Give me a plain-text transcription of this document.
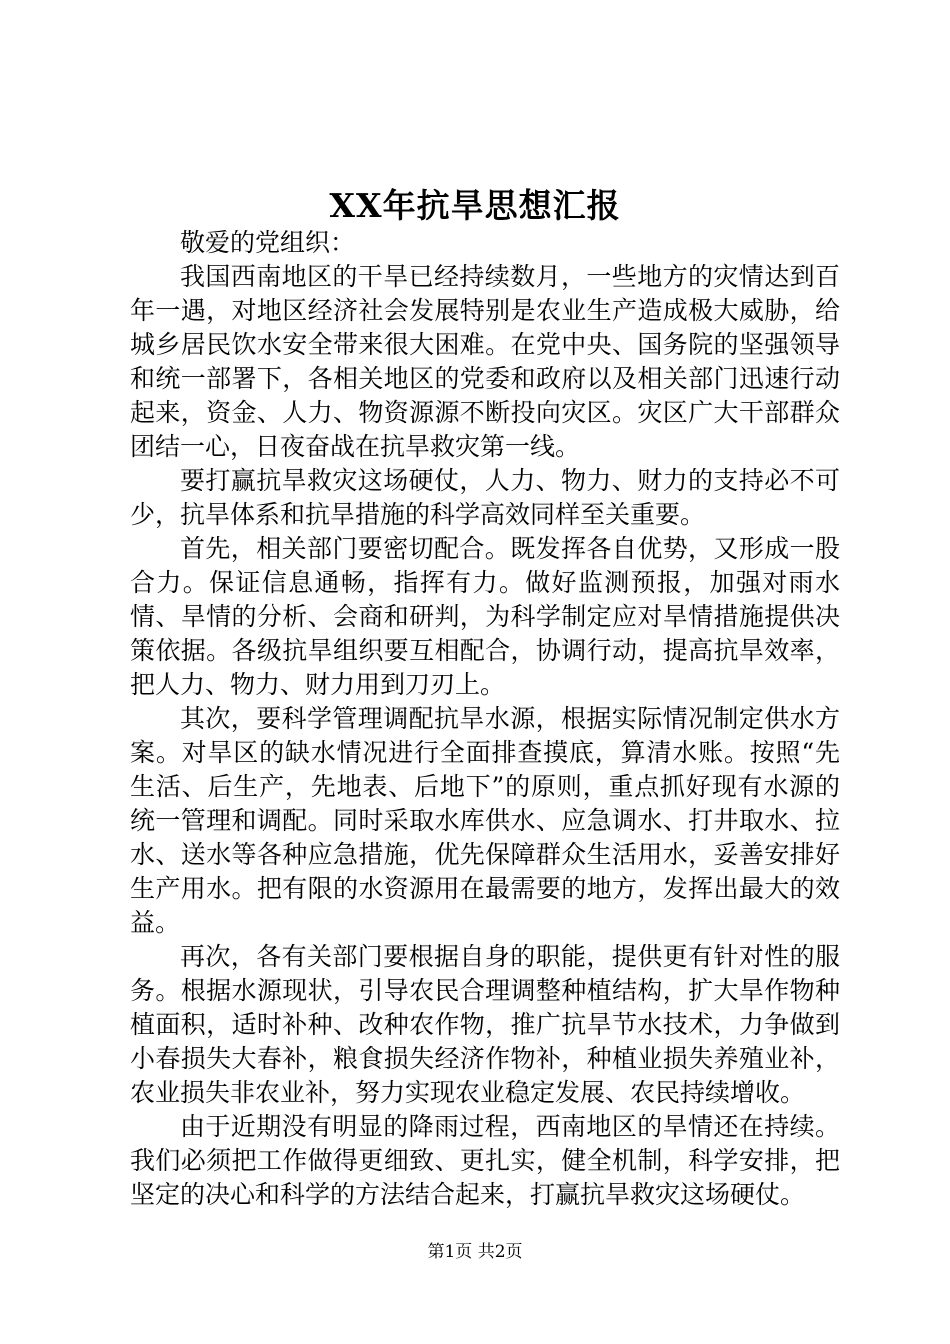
XX年抗旱思想汇报

敬爱的党组织：

我国西南地区的干旱已经持续数月，一些地方的灾情达到百年一遇，对地区经济社会发展特别是农业生产造成极大威胁，给城乡居民饮水安全带来很大困难。在党中央、国务院的坚强领导和统一部署下，各相关地区的党委和政府以及相关部门迅速行动起来，资金、人力、物资源源不断投向灾区。灾区广大干部群众团结一心，日夜奋战在抗旱救灾第一线。

要打赢抗旱救灾这场硬仗，人力、物力、财力的支持必不可少，抗旱体系和抗旱措施的科学高效同样至关重要。

首先，相关部门要密切配合。既发挥各自优势，又形成一股合力。保证信息通畅，指挥有力。做好监测预报，加强对雨水情、旱情的分析、会商和研判，为科学制定应对旱情措施提供决策依据。各级抗旱组织要互相配合，协调行动，提高抗旱效率，把人力、物力、财力用到刀刃上。

其次，要科学管理调配抗旱水源，根据实际情况制定供水方案。对旱区的缺水情况进行全面排查摸底，算清水账。按照“先生活、后生产，先地表、后地下”的原则，重点抓好现有水源的统一管理和调配。同时采取水库供水、应急调水、打井取水、拉水、送水等各种应急措施，优先保障群众生活用水，妥善安排好生产用水。把有限的水资源用在最需要的地方，发挥出最大的效益。

再次，各有关部门要根据自身的职能，提供更有针对性的服务。根据水源现状，引导农民合理调整种植结构，扩大旱作物种植面积，适时补种、改种农作物，推广抗旱节水技术，力争做到小春损失大春补，粮食损失经济作物补，种植业损失养殖业补，农业损失非农业补，努力实现农业稳定发展、农民持续增收。

由于近期没有明显的降雨过程，西南地区的旱情还在持续。我们必须把工作做得更细致、更扎实，健全机制，科学安排，把坚定的决心和科学的方法结合起来，打赢抗旱救灾这场硬仗。

第1页 共2页
